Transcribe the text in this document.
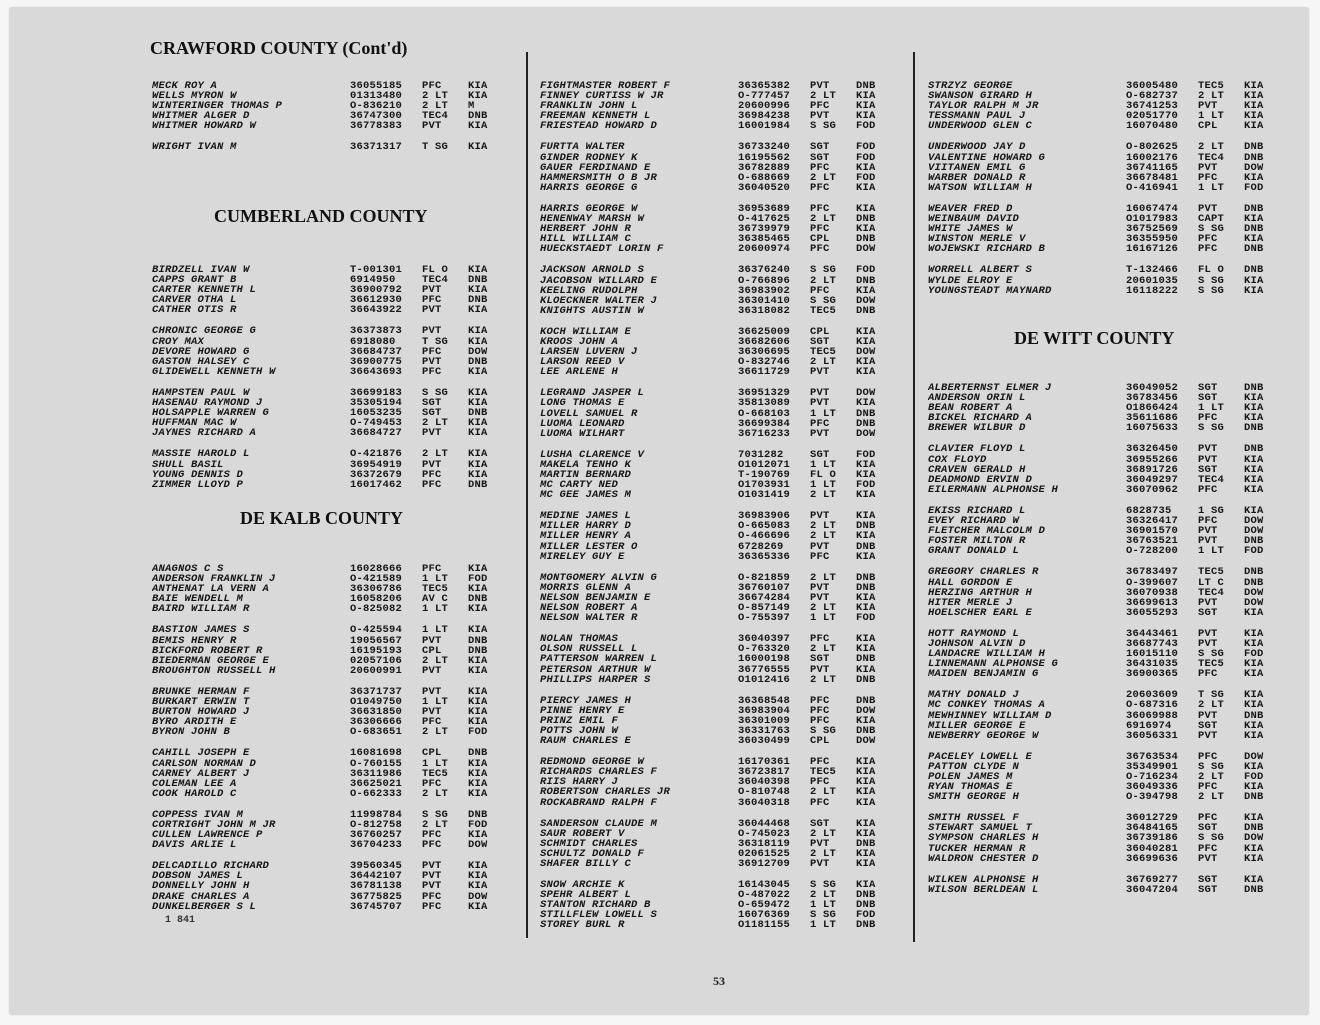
CRAWFORD COUNTY (Cont'd)
CUMBERLAND COUNTY
DE KALB COUNTY
DE WITT COUNTY
MECK ROY A	36055185	PFC	KIA
WELLS MYRON W	01313480	2 LT	KIA
WINTERINGER THOMAS P	O-836210	2 LT	M
WHITMER ALGER D	36747300	TEC4	DNB
WHITMER HOWARD W	36778383	PVT	KIA
WRIGHT IVAN M	36371317	T SG	KIA
BIRDZELL IVAN W	T-001301	FL O	KIA
CAPPS GRANT B	6914950	TEC4	DNB
CARTER KENNETH L	36900792	PVT	KIA
CARVER OTHA L	36612930	PFC	DNB
CATHER OTIS R	36643922	PVT	KIA
CHRONIC GEORGE G	36373873	PVT	KIA
CROY MAX	6918080	T SG	KIA
DEVORE HOWARD G	36684737	PFC	DOW
GASTON HALSEY C	36900775	PVT	DNB
GLIDEWELL KENNETH W	36643693	PFC	KIA
HAMPSTEN PAUL W	36699183	S SG	KIA
HASENAU RAYMOND J	35305194	SGT	KIA
HOLSAPPLE WARREN G	16053235	SGT	DNB
HUFFMAN MAC W	O-749453	2 LT	KIA
JAYNES RICHARD A	36684727	PVT	KIA
MASSIE HAROLD L	O-421876	2 LT	KIA
SHULL BASIL	36954919	PVT	KIA
YOUNG DENNIS D	36372679	PFC	KIA
ZIMMER LLOYD P	16017462	PFC	DNB
ANAGNOS C S	16028666	PFC	KIA
ANDERSON FRANKLIN J	O-421589	1 LT	FOD
ANTHENAT LA VERN A	36306786	TEC5	KIA
BAIE WENDELL M	16058206	AV C	DNB
BAIRD WILLIAM R	O-825082	1 LT	KIA
BASTION JAMES S	O-425594	1 LT	KIA
BEMIS HENRY R	19056567	PVT	DNB
BICKFORD ROBERT R	16195193	CPL	DNB
BIEDERMAN GEORGE E	02057106	2 LT	KIA
BROUGHTON RUSSELL H	20600991	PVT	KIA
BRUNKE HERMAN F	36371737	PVT	KIA
BURKART ERWIN T	O1049750	1 LT	KIA
BURTON HOWARD J	36631850	PVT	KIA
BYRO ARDITH E	36306666	PFC	KIA
BYRON JOHN B	O-683651	2 LT	FOD
CAHILL JOSEPH E	16081698	CPL	DNB
CARLSON NORMAN D	O-760155	1 LT	KIA
CARNEY ALBERT J	36311986	TEC5	KIA
COLEMAN LEE A	36625021	PFC	KIA
COOK HAROLD C	O-662333	2 LT	KIA
COPPESS IVAN M	11998784	S SG	DNB
CORTRIGHT JOHN M JR	O-812758	2 LT	FOD
CULLEN LAWRENCE P	36760257	PFC	KIA
DAVIS ARLIE L	36704233	PFC	DOW
DELCADILLO RICHARD	39560345	PVT	KIA
DOBSON JAMES L	36442107	PVT	KIA
DONNELLY JOHN H	36781138	PVT	KIA
DRAKE CHARLES A	36775825	PFC	DOW
DUNKELBERGER S L	36745707	PFC	KIA
FIGHTMASTER ROBERT F	36365382	PVT	DNB
FINNEY CURTISS W JR	O-777457	2 LT	KIA
FRANKLIN JOHN L	20600996	PFC	KIA
FREEMAN KENNETH L	36984238	PVT	KIA
FRIESTEAD HOWARD D	16001984	S SG	FOD
FURTTA WALTER	36733240	SGT	FOD
GINDER RODNEY K	16195562	SGT	FOD
GAUER FERDINAND E	36782889	PFC	KIA
HAMMERSMITH O B JR	O-688669	2 LT	FOD
HARRIS GEORGE G	36040520	PFC	KIA
HARRIS GEORGE W	36953689	PFC	KIA
HENENWAY MARSH W	O-417625	2 LT	DNB
HERBERT JOHN R	36739979	PFC	KIA
HILL WILLIAM C	36385465	CPL	DNB
HUECKSTAEDT LORIN F	20600974	PFC	DOW
JACKSON ARNOLD S	36376240	S SG	FOD
JACOBSON WILLARD E	O-766896	2 LT	DNB
KEELING RUDOLPH	36983902	PFC	KIA
KLOECKNER WALTER J	36301410	S SG	DOW
KNIGHTS AUSTIN W	36318082	TEC5	DNB
KOCH WILLIAM E	36625009	CPL	KIA
KROOS JOHN A	36682606	SGT	KIA
LARSEN LUVERN J	36306695	TEC5	DOW
LARSON REED V	O-832746	2 LT	KIA
LEE ARLENE H	36611729	PVT	KIA
LEGRAND JASPER L	36951329	PVT	DOW
LONG THOMAS E	35813089	PVT	KIA
LOVELL SAMUEL R	O-668103	1 LT	DNB
LUOMA LEONARD	36699384	PFC	DNB
LUOMA WILHART	36716233	PVT	DOW
LUSHA CLARENCE V	7031282	SGT	FOD
MAKELA TENHO K	O1012071	1 LT	KIA
MARTIN BERNARD	T-190769	FL O	KIA
MC CARTY NED	O1703931	1 LT	FOD
MC GEE JAMES M	O1031419	2 LT	KIA
MEDINE JAMES L	36983906	PVT	KIA
MILLER HARRY D	O-665083	2 LT	DNB
MILLER HENRY A	O-466696	2 LT	KIA
MILLER LESTER O	6728269	PVT	DNB
MIRELEY GUY E	36365336	PFC	KIA
MONTGOMERY ALVIN G	O-821859	2 LT	DNB
MORRIS GLENN A	36760107	PVT	DNB
NELSON BENJAMIN E	36674284	PVT	KIA
NELSON ROBERT A	O-857149	2 LT	KIA
NELSON WALTER R	O-755397	1 LT	FOD
NOLAN THOMAS	36040397	PFC	KIA
OLSON RUSSELL L	O-763320	2 LT	KIA
PATTERSON WARREN L	16000198	SGT	DNB
PETERSON ARTHUR W	36776555	PVT	KIA
PHILLIPS HARPER S	O1012416	2 LT	DNB
PIERCY JAMES H	36368548	PFC	DNB
PINNE HENRY E	36983904	PFC	DOW
PRINZ EMIL F	36301009	PFC	KIA
POTTS JOHN W	36331763	S SG	DNB
RAUM CHARLES E	36030499	CPL	DOW
REDMOND GEORGE W	16170361	PFC	KIA
RICHARDS CHARLES F	36723817	TEC5	KIA
RIIS HARRY J	36040398	PFC	KIA
ROBERTSON CHARLES JR	O-810748	2 LT	KIA
ROCKABRAND RALPH F	36040318	PFC	KIA
SANDERSON CLAUDE M	36044468	SGT	KIA
SAUR ROBERT V	O-745023	2 LT	KIA
SCHMIDT CHARLES	36318119	PVT	DNB
SCHULTZ DONALD F	02061525	2 LT	KIA
SHAFER BILLY C	36912709	PVT	KIA
SNOW ARCHIE K	16143045	S SG	KIA
SPEHR ALBERT L	O-487022	2 LT	DNB
STANTON RICHARD B	O-659472	1 LT	DNB
STILLFLEW LOWELL S	16076369	S SG	FOD
STOREY BURL R	O1181155	1 LT	DNB
STRZYZ GEORGE	36005480	TEC5	KIA
SWANSON GIRARD H	O-682737	2 LT	KIA
TAYLOR RALPH M JR	36741253	PVT	KIA
TESSMANN PAUL J	02051770	1 LT	KIA
UNDERWOOD GLEN C	16070480	CPL	KIA
UNDERWOOD JAY D	O-802625	2 LT	DNB
VALENTINE HOWARD G	16002176	TEC4	DNB
VIITANEN EMIL G	36741165	PVT	DOW
WARBER DONALD R	36678481	PFC	KIA
WATSON WILLIAM H	O-416941	1 LT	FOD
WEAVER FRED D	16067474	PVT	DNB
WEINBAUM DAVID	O1017983	CAPT	KIA
WHITE JAMES W	36752569	S SG	DNB
WINSTON MERLE V	36355950	PFC	KIA
WOJEWSKI RICHARD B	16167126	PFC	DNB
WORRELL ALBERT S	T-132466	FL O	DNB
WYLDE ELROY E	20601035	S SG	KIA
YOUNGSTEADT MAYNARD	16118222	S SG	KIA
ALBERTERNST ELMER J	36049052	SGT	DNB
ANDERSON ORIN L	36783456	SGT	KIA
BEAN ROBERT A	O1866424	1 LT	KIA
BICKEL RICHARD A	35611686	PFC	KIA
BREWER WILBUR D	16075633	S SG	DNB
CLAVIER FLOYD L	36326450	PVT	DNB
COX FLOYD	36955266	PVT	KIA
CRAVEN GERALD H	36891726	SGT	KIA
DEADMOND ERVIN D	36049297	TEC4	KIA
EILERMANN ALPHONSE H	36070962	PFC	KIA
EKISS RICHARD L	6828735	1 SG	KIA
EVEY RICHARD W	36326417	PFC	DOW
FLETCHER MALCOLM D	36901570	PVT	DOW
FOSTER MILTON R	36763521	PVT	DNB
GRANT DONALD L	O-728200	1 LT	FOD
GREGORY CHARLES R	36783497	TEC5	DNB
HALL GORDON E	O-399607	LT C	DNB
HERZING ARTHUR H	36070938	TEC4	DOW
HITER MERLE J	36699613	PVT	DOW
HOELSCHER EARL E	36055293	SGT	KIA
HOTT RAYMOND L	36443461	PVT	KIA
JOHNSON ALVIN D	36687743	PVT	KIA
LANDACRE WILLIAM H	16015110	S SG	FOD
LINNEMANN ALPHONSE G	36431035	TEC5	KIA
MAIDEN BENJAMIN G	36900365	PFC	KIA
MATHY DONALD J	20603609	T SG	KIA
MC CONKEY THOMAS A	O-687316	2 LT	KIA
MEWHINNEY WILLIAM D	36069988	PVT	DNB
MILLER GEORGE E	6916974	SGT	KIA
NEWBERRY GEORGE W	36056331	PVT	KIA
PACELEY LOWELL E	36763534	PFC	DOW
PATTON CLYDE N	35349901	S SG	KIA
POLEN JAMES M	O-716234	2 LT	FOD
RYAN THOMAS E	36049336	PFC	KIA
SMITH GEORGE H	O-394798	2 LT	DNB
SMITH RUSSEL F	36012729	PFC	KIA
STEWART SAMUEL T	36484165	SGT	DNB
SYMPSON CHARLES H	36739186	S SG	DOW
TUCKER HERMAN R	36040281	PFC	KIA
WALDRON CHESTER D	36699636	PVT	KIA
WILKEN ALPHONSE H	36769277	SGT	KIA
WILSON BERLDEAN L	36047204	SGT	DNB
1 841
53
